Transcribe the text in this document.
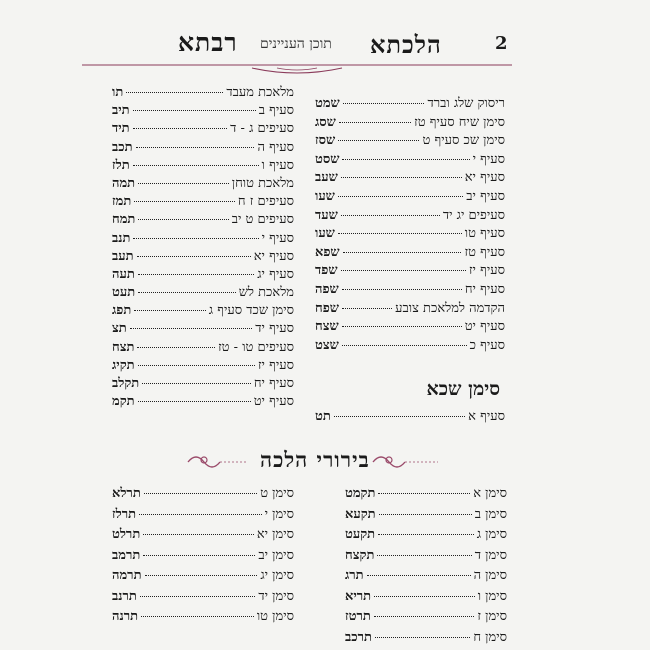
2
רבתא תוכן העניינים הלכתא
ריסוק שלג וברד
שמט
סימן שיח סעיף טז
שסג
סימן שכ סעיף ט
שסז
סעיף י
שסט
סעיף יא
שעב
סעיף יב
שעו
סעיפים יג יד
שעד
סעיף טו
שעו
סעיף טז
שפא
סעיף יז
שפד
סעיף יח
שפה
הקדמה למלאכת צובע
שפח
סעיף יט
שצח
סעיף כ
שצט
מלאכת מעבד
תו
סעיף ב
תיב
סעיפים ג - ד
תיד
סעיף ה
תכב
סעיף ו
תלז
מלאכת טוחן
תמה
סעיפים ז ח
תמז
סעיפים ט יב
תמח
סעיף י
תנב
סעיף יא
תעב
סעיף יג
תעה
מלאכת לש
תעט
סימן שכד סעיף ג
תפג
סעיף יד
תצ
סעיפים טו - טז
תצח
סעיף יז
תקיג
סעיף יח
תקלב
סעיף יט
תקמ
סימן שכא
סעיף א
תט
בירורי הלכה
סימן א
תקמט
סימן ב
תקעא
סימן ג
תקעט
סימן ד
תקצח
סימן ה
תרג
סימן ו
תריא
סימן ז
תרטז
סימן ח
תרכב
סימן ט
תרלא
סימן י
תרלז
סימן יא
תרלט
סימן יב
תרמב
סימן יג
תרמה
סימן יד
תרנב
סימן טו
תרנה
